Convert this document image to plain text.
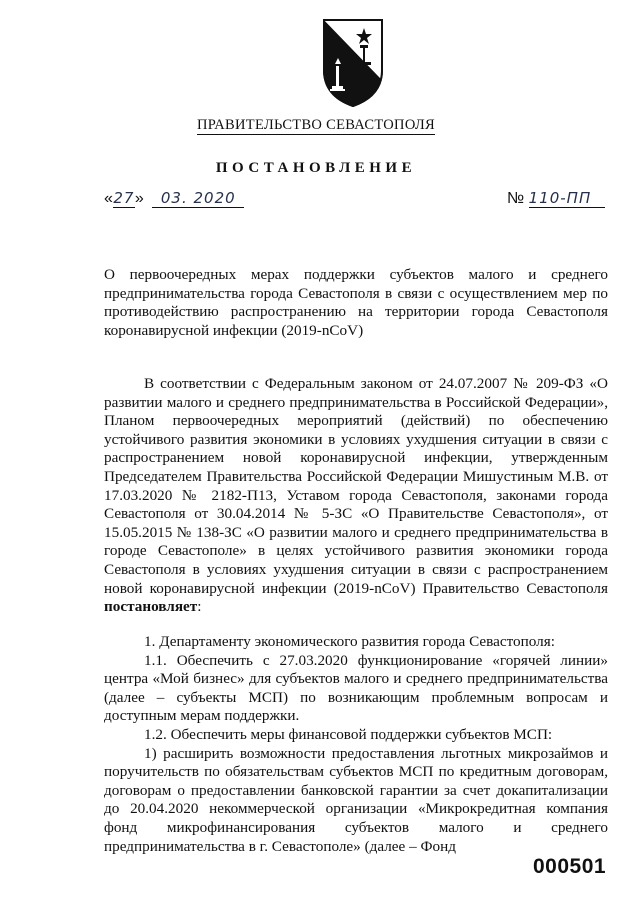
ПРАВИТЕЛЬСТВО СЕВАСТОПОЛЯ
ПОСТАНОВЛЕНИЕ
«27» 03. 2020	№ 110-ПП

О первоочередных мерах поддержки субъектов малого и среднего предпринимательства города Севастополя в связи с осуществлением мер по противодействию распространению на территории города Севастополя коронавирусной инфекции (2019-nCoV)

В соответствии с Федеральным законом от 24.07.2007 № 209-ФЗ «О развитии малого и среднего предпринимательства в Российской Федерации», Планом первоочередных мероприятий (действий) по обеспечению устойчивого развития экономики в условиях ухудшения ситуации в связи с распространением новой коронавирусной инфекции, утвержденным Председателем Правительства Российской Федерации Мишустиным М.В. от 17.03.2020 № 2182-П13, Уставом города Севастополя, законами города Севастополя от 30.04.2014 № 5-ЗС «О Правительстве Севастополя», от 15.05.2015 № 138-ЗС «О развитии малого и среднего предпринимательства в городе Севастополе» в целях устойчивого развития экономики города Севастополя в условиях ухудшения ситуации в связи с распространением новой коронавирусной инфекции (2019-nCoV) Правительство Севастополя постановляет:

1. Департаменту экономического развития города Севастополя:

1.1. Обеспечить с 27.03.2020 функционирование «горячей линии» центра «Мой бизнес» для субъектов малого и среднего предпринимательства (далее – субъекты МСП) по возникающим проблемным вопросам и доступным мерам поддержки.

1.2. Обеспечить меры финансовой поддержки субъектов МСП:

1) расширить возможности предоставления льготных микрозаймов и поручительств по обязательствам субъектов МСП по кредитным договорам, договорам о предоставлении банковской гарантии за счет докапитализации до 20.04.2020 некоммерческой организации «Микрокредитная компания фонд микрофинансирования субъектов малого и среднего предпринимательства в г. Севастополе» (далее – Фонд

000501
